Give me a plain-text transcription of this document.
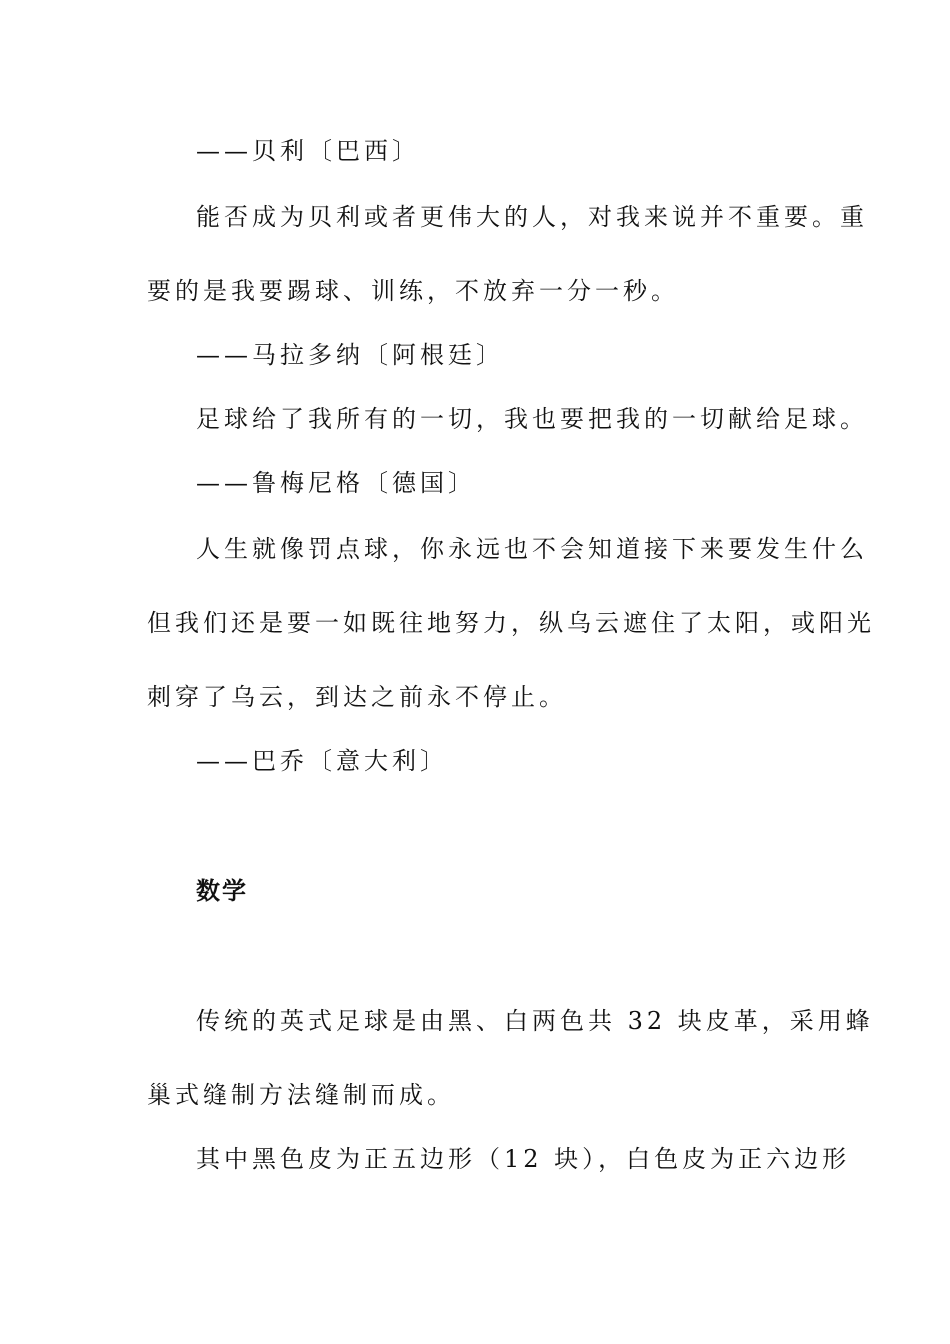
——贝利〔巴西〕
能否成为贝利或者更伟大的人，对我来说并不重要。重
要的是我要踢球、训练，不放弃一分一秒。
——马拉多纳〔阿根廷〕
足球给了我所有的一切，我也要把我的一切献给足球。
——鲁梅尼格〔德国〕
人生就像罚点球，你永远也不会知道接下来要发生什么
但我们还是要一如既往地努力，纵乌云遮住了太阳，或阳光
刺穿了乌云，到达之前永不停止。
——巴乔〔意大利〕
数学
传统的英式足球是由黑、白两色共 32 块皮革，采用蜂
巢式缝制方法缝制而成。
其中黑色皮为正五边形（12 块），白色皮为正六边形
